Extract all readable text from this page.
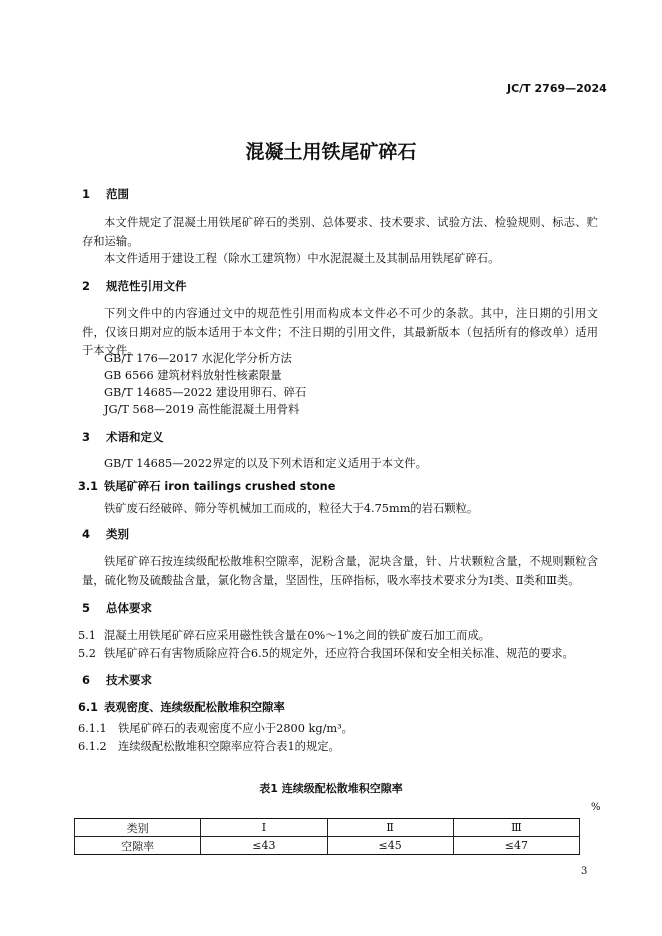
JC/T 2769—2024
混凝土用铁尾矿碎石
1 范围
本文件规定了混凝土用铁尾矿碎石的类别、总体要求、技术要求、试验方法、检验规则、标志、贮存和运输。
本文件适用于建设工程（除水工建筑物）中水泥混凝土及其制品用铁尾矿碎石。
2 规范性引用文件
下列文件中的内容通过文中的规范性引用而构成本文件必不可少的条款。其中，注日期的引用文件，仅该日期对应的版本适用于本文件；不注日期的引用文件，其最新版本（包括所有的修改单）适用于本文件。
GB/T 176—2017 水泥化学分析方法
GB 6566 建筑材料放射性核素限量
GB/T 14685—2022 建设用卵石、碎石
JG/T 568—2019 高性能混凝土用骨料
3 术语和定义
GB/T 14685—2022界定的以及下列术语和定义适用于本文件。
3.1 铁尾矿碎石 iron tailings crushed stone
铁矿废石经破碎、筛分等机械加工而成的，粒径大于4.75mm的岩石颗粒。
4 类别
铁尾矿碎石按连续级配松散堆积空隙率，泥粉含量，泥块含量，针、片状颗粒含量，不规则颗粒含量，硫化物及硫酸盐含量，氯化物含量，坚固性，压碎指标，吸水率技术要求分为Ⅰ类、Ⅱ类和Ⅲ类。
5 总体要求
5.1 混凝土用铁尾矿碎石应采用磁性铁含量在0%～1%之间的铁矿废石加工而成。
5.2 铁尾矿碎石有害物质除应符合6.5的规定外，还应符合我国环保和安全相关标准、规范的要求。
6 技术要求
6.1 表观密度、连续级配松散堆积空隙率
6.1.1 铁尾矿碎石的表观密度不应小于2800 kg/m³。
6.1.2 连续级配松散堆积空隙率应符合表1的规定。
表1 连续级配松散堆积空隙率
%
类别	Ⅰ	Ⅱ	Ⅲ
空隙率	≤43	≤45	≤47
3
